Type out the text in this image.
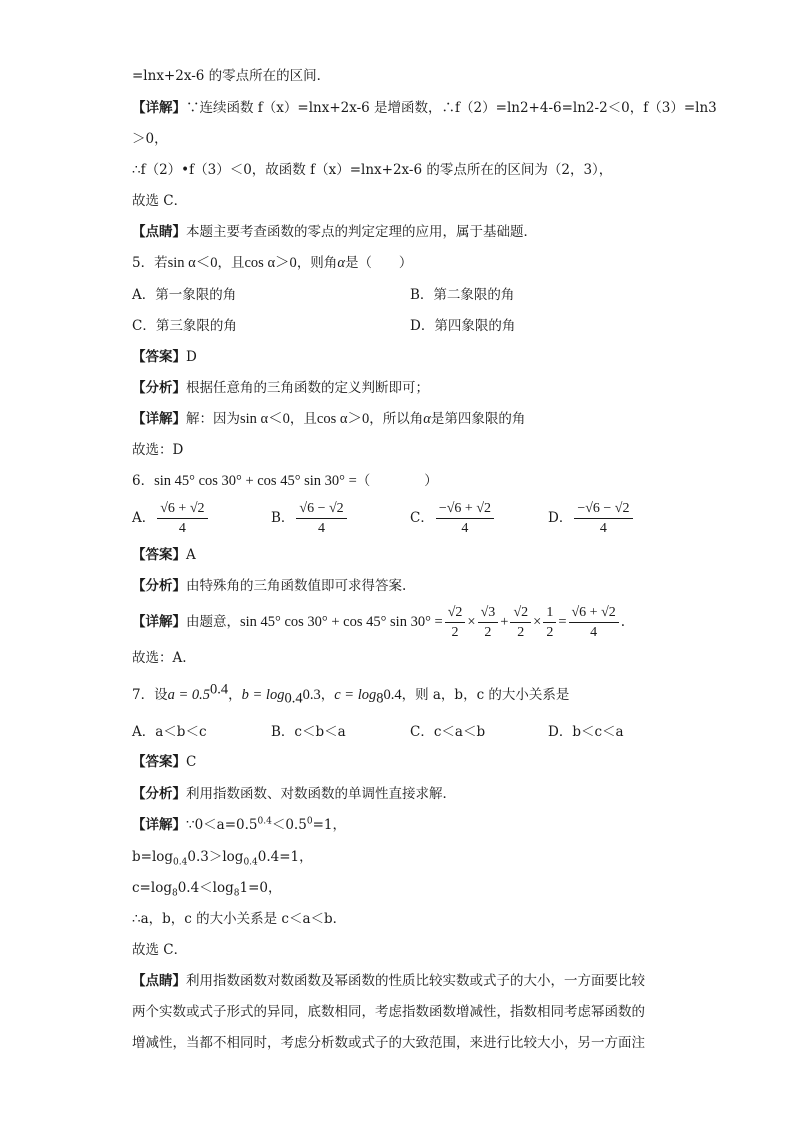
=lnx+2x-6 的零点所在的区间．
【详解】∵连续函数 f（x）=lnx+2x-6 是增函数，∴f（2）=ln2+4-6=ln2-2＜0，f（3）=ln3
＞0，
∴f（2）•f（3）＜0，故函数 f（x）=lnx+2x-6 的零点所在的区间为（2，3），
故选 C．
【点睛】本题主要考查函数的零点的判定定理的应用，属于基础题．
5．若sin α＜0，且cos α＞0，则角α是（　　）
A．第一象限的角	B．第二象限的角
C．第三象限的角	D．第四象限的角
【答案】D
【分析】根据任意角的三角函数的定义判断即可；
【详解】解：因为sin α＜0，且cos α＞0，所以角α是第四象限的角
故选：D
6．sin 45° cos 30° + cos 45° sin 30° =（　　　　）
A． $\frac{√6 + √2}{4}$	B． $\frac{√6 - √2}{4}$	C． $\frac{-√6 + √2}{4}$	D． $\frac{-√6 - √2}{4}$
【答案】A
【分析】由特殊角的三角函数值即可求得答案.
【详解】由题意，sin 45° cos 30° + cos 45° $\sin 30^\circ = \frac{√2}{2} \times \frac{√3}{2} + \frac{√2}{2} \times \frac{1}{2} = \frac{√6 + √2}{4}$ .
故选：A.
7．设$a = 0.5^{0.4}$，$b = \log_{0.4}0.3$，$c = \log_80.4$，则 a，b，c 的大小关系是
A．a＜b＜c	B．c＜b＜a	C．c＜a＜b	D．b＜c＜a
【答案】C
【分析】利用指数函数、对数函数的单调性直接求解．
【详解】$\because 0<a=0.5^{0.4}<0.5^0=1$，
$b=\log_{0.4}0.3>\log_{0.4}0.4=1$，
$c=\log_80.4<\log_81=0$，
∴a，b，c 的大小关系是 c＜a＜b．
故选 C．
【点睛】利用指数函数对数函数及幂函数的性质比较实数或式子的大小，一方面要比较
两个实数或式子形式的异同，底数相同，考虑指数函数增减性，指数相同考虑幂函数的
增减性，当都不相同时，考虑分析数或式子的大致范围，来进行比较大小，另一方面注
